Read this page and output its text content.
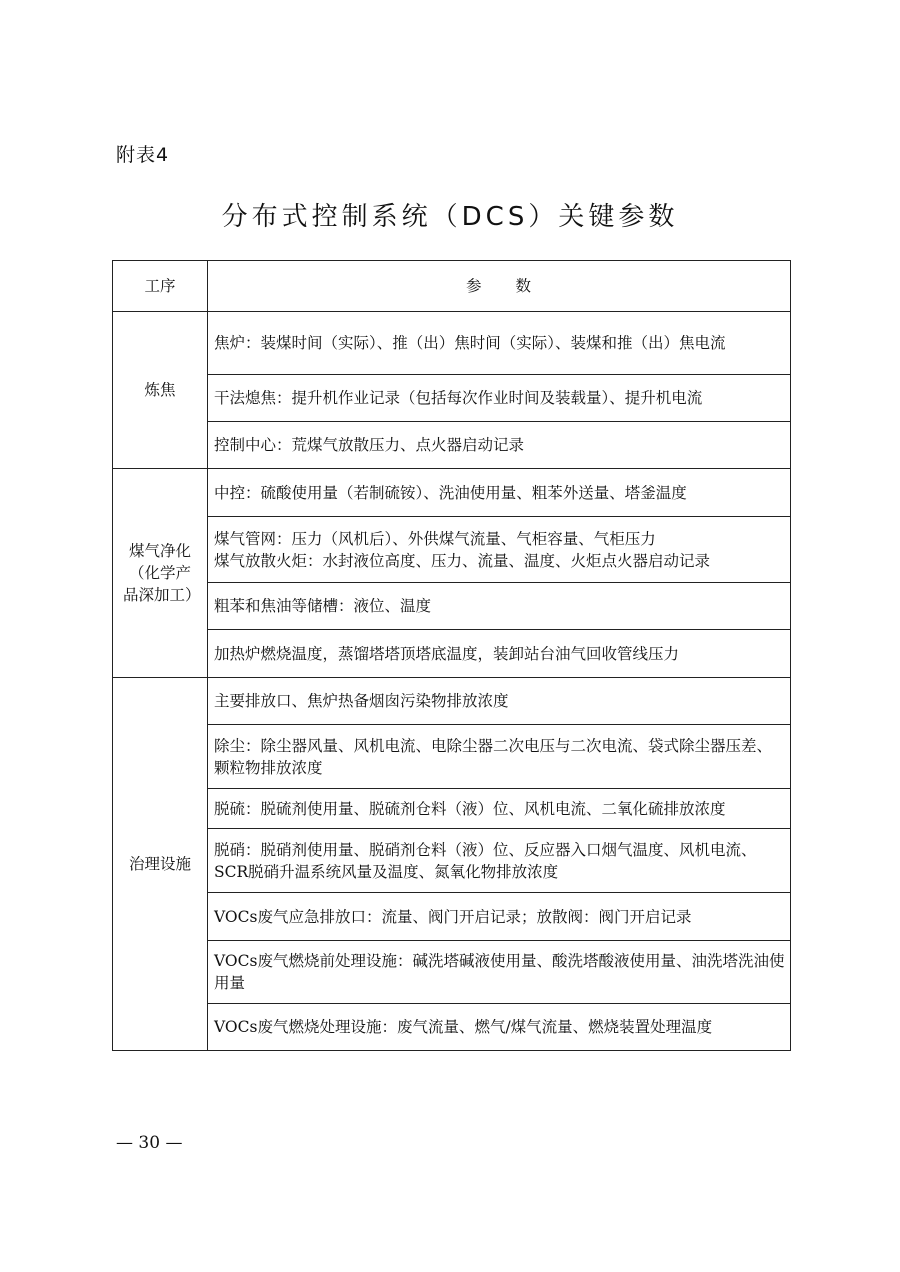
附表4
分布式控制系统（DCS）关键参数
工序	参数
炼焦	焦炉：装煤时间（实际）、推（出）焦时间（实际）、装煤和推（出）焦电流
	干法熄焦：提升机作业记录（包括每次作业时间及装载量）、提升机电流
	控制中心：荒煤气放散压力、点火器启动记录
煤气净化（化学产品深加工）	中控：硫酸使用量（若制硫铵）、洗油使用量、粗苯外送量、塔釜温度
	煤气管网：压力（风机后）、外供煤气流量、气柜容量、气柜压力
煤气放散火炬：水封液位高度、压力、流量、温度、火炬点火器启动记录
	粗苯和焦油等储槽：液位、温度
	加热炉燃烧温度，蒸馏塔塔顶塔底温度，装卸站台油气回收管线压力
治理设施	主要排放口、焦炉热备烟囱污染物排放浓度
	除尘：除尘器风量、风机电流、电除尘器二次电压与二次电流、袋式除尘器压差、颗粒物排放浓度
	脱硫：脱硫剂使用量、脱硫剂仓料（液）位、风机电流、二氧化硫排放浓度
	脱硝：脱硝剂使用量、脱硝剂仓料（液）位、反应器入口烟气温度、风机电流、SCR脱硝升温系统风量及温度、氮氧化物排放浓度
	VOCs废气应急排放口：流量、阀门开启记录；放散阀：阀门开启记录
	VOCs废气燃烧前处理设施：碱洗塔碱液使用量、酸洗塔酸液使用量、油洗塔洗油使用量
	VOCs废气燃烧处理设施：废气流量、燃气/煤气流量、燃烧装置处理温度
— 30 —
